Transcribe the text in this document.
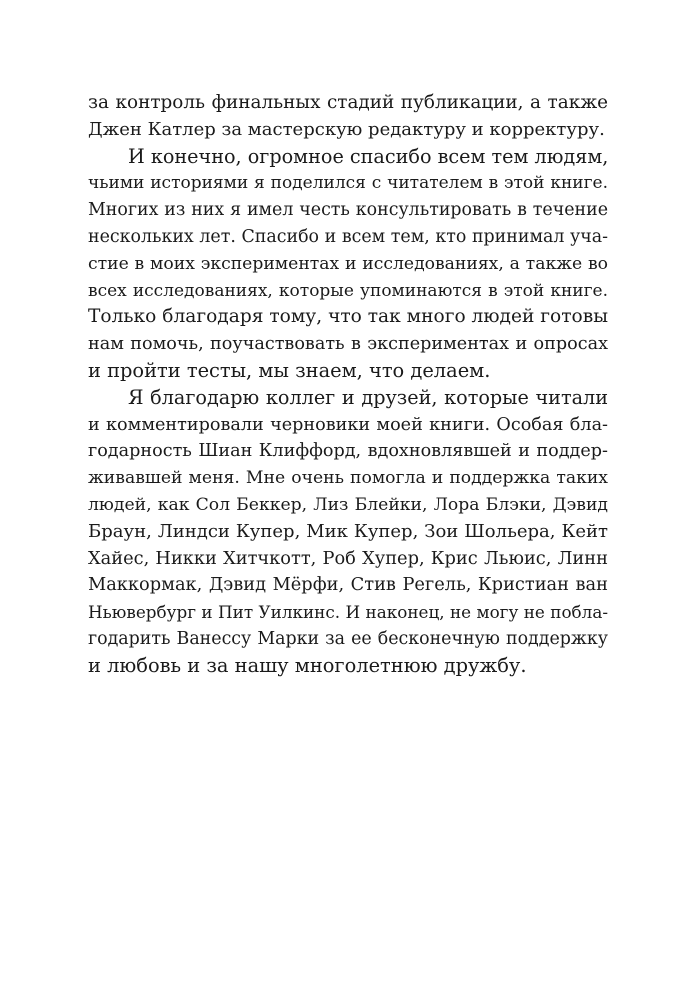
за контроль финальных стадий публикации, а также
Джен Катлер за мастерскую редактуру и корректуру.
И конечно, огромное спасибо всем тем людям,
чьими историями я поделился с читателем в этой книге.
Многих из них я имел честь консультировать в течение
нескольких лет. Спасибо и всем тем, кто принимал уча-
стие в моих экспериментах и исследованиях, а также во
всех исследованиях, которые упоминаются в этой книге.
Только благодаря тому, что так много людей готовы
нам помочь, поучаствовать в экспериментах и опросах
и пройти тесты, мы знаем, что делаем.
Я благодарю коллег и друзей, которые читали
и комментировали черновики моей книги. Особая бла-
годарность Шиан Клиффорд, вдохновлявшей и поддер-
живавшей меня. Мне очень помогла и поддержка таких
людей, как Сол Беккер, Лиз Блейки, Лора Блэки, Дэвид
Браун, Линдси Купер, Мик Купер, Зои Шольера, Кейт
Хайес, Никки Хитчкотт, Роб Хупер, Крис Льюис, Линн
Маккормак, Дэвид Мёрфи, Стив Регель, Кристиан ван
Ньювербург и Пит Уилкинс. И наконец, не могу не побла-
годарить Ванессу Марки за ее бесконечную поддержку
и любовь и за нашу многолетнюю дружбу.
